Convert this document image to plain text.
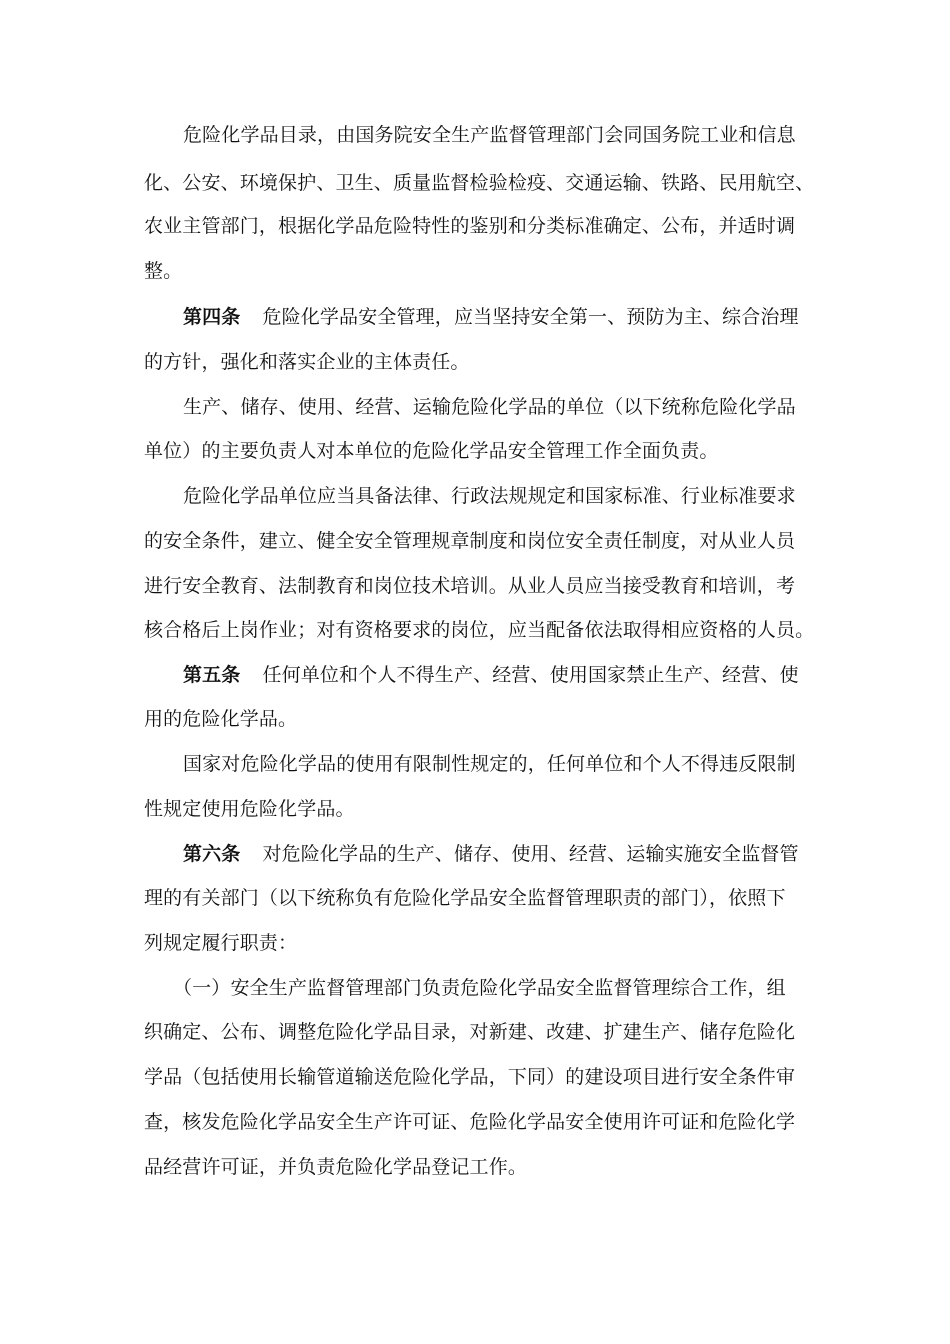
危险化学品目录，由国务院安全生产监督管理部门会同国务院工业和信息
化、公安、环境保护、卫生、质量监督检验检疫、交通运输、铁路、民用航空、
农业主管部门，根据化学品危险特性的鉴别和分类标准确定、公布，并适时调
整。
第四条 危险化学品安全管理，应当坚持安全第一、预防为主、综合治理
的方针，强化和落实企业的主体责任。
生产、储存、使用、经营、运输危险化学品的单位（以下统称危险化学品
单位）的主要负责人对本单位的危险化学品安全管理工作全面负责。
危险化学品单位应当具备法律、行政法规规定和国家标准、行业标准要求
的安全条件，建立、健全安全管理规章制度和岗位安全责任制度，对从业人员
进行安全教育、法制教育和岗位技术培训。从业人员应当接受教育和培训，考
核合格后上岗作业；对有资格要求的岗位，应当配备依法取得相应资格的人员。
第五条 任何单位和个人不得生产、经营、使用国家禁止生产、经营、使
用的危险化学品。
国家对危险化学品的使用有限制性规定的，任何单位和个人不得违反限制
性规定使用危险化学品。
第六条 对危险化学品的生产、储存、使用、经营、运输实施安全监督管
理的有关部门（以下统称负有危险化学品安全监督管理职责的部门），依照下
列规定履行职责：
（一）安全生产监督管理部门负责危险化学品安全监督管理综合工作，组
织确定、公布、调整危险化学品目录，对新建、改建、扩建生产、储存危险化
学品（包括使用长输管道输送危险化学品，下同）的建设项目进行安全条件审
查，核发危险化学品安全生产许可证、危险化学品安全使用许可证和危险化学
品经营许可证，并负责危险化学品登记工作。
